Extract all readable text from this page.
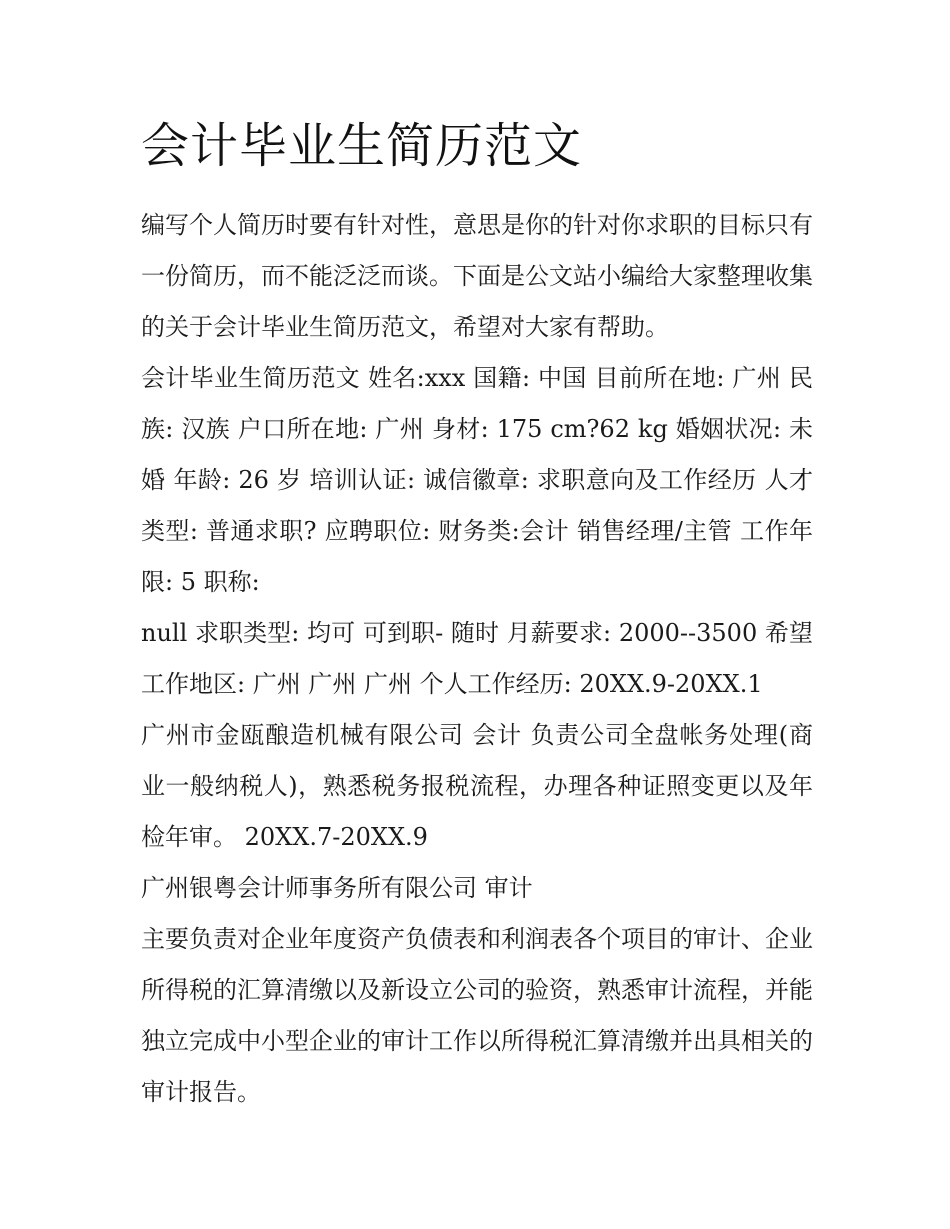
会计毕业生简历范文

编写个人简历时要有针对性，意思是你的针对你求职的目标只有一份简历，而不能泛泛而谈。下面是公文站小编给大家整理收集的关于会计毕业生简历范文，希望对大家有帮助。

会计毕业生简历范文 姓名:xxx 国籍: 中国 目前所在地: 广州 民族: 汉族 户口所在地: 广州 身材: 175 cm?62 kg 婚姻状况: 未婚 年龄: 26 岁 培训认证: 诚信徽章: 求职意向及工作经历 人才类型: 普通求职? 应聘职位: 财务类:会计 销售经理/主管 工作年限: 5 职称:

null 求职类型: 均可 可到职- 随时 月薪要求: 2000--3500 希望工作地区: 广州 广州 广州 个人工作经历: 20XX.9-20XX.1

广州市金瓯酿造机械有限公司 会计 负责公司全盘帐务处理(商业一般纳税人)，熟悉税务报税流程，办理各种证照变更以及年检年审。 20XX.7-20XX.9

广州银粤会计师事务所有限公司 审计

主要负责对企业年度资产负债表和利润表各个项目的审计、企业所得税的汇算清缴以及新设立公司的验资，熟悉审计流程，并能独立完成中小型企业的审计工作以所得税汇算清缴并出具相关的审计报告。
